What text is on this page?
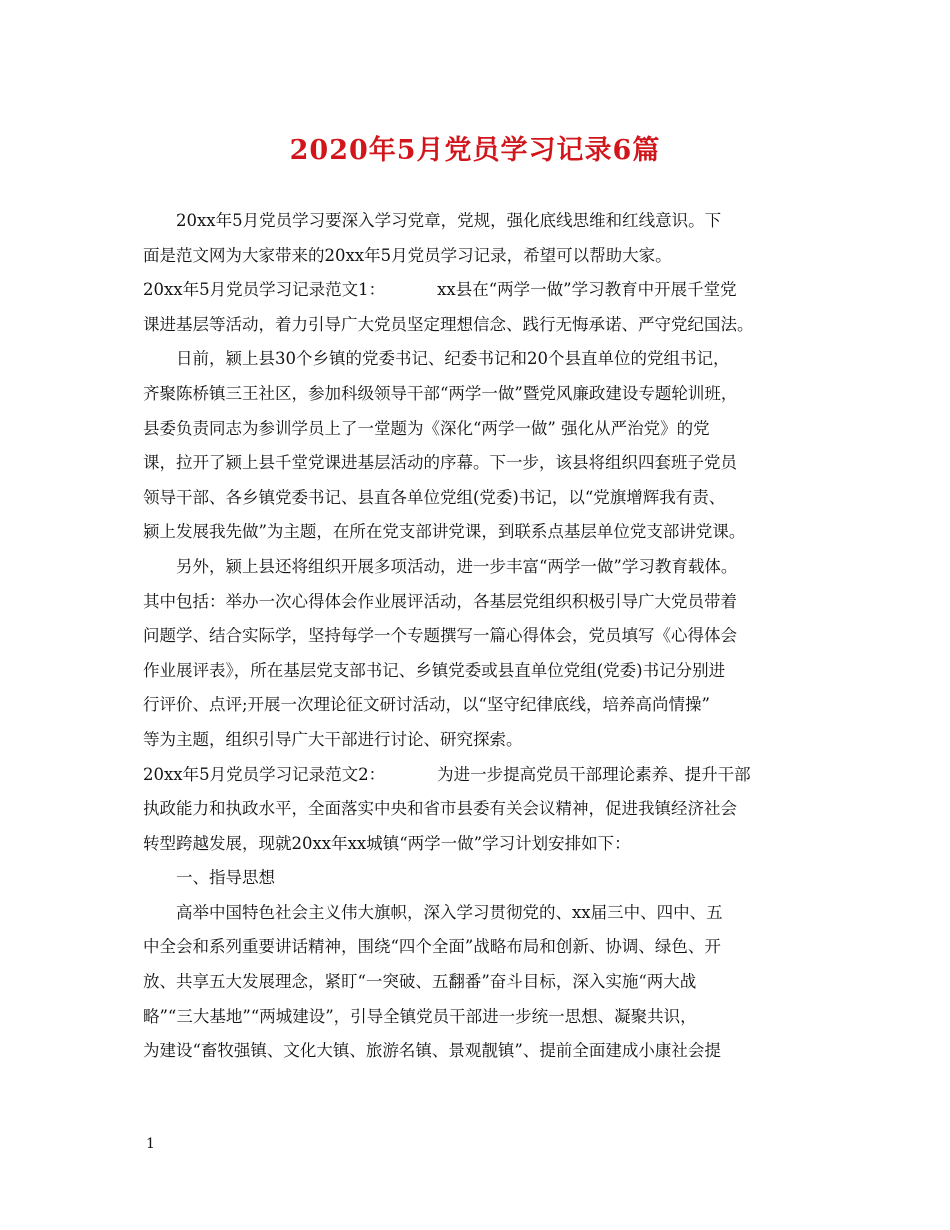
2020年5月党员学习记录6篇
20xx年5月党员学习要深入学习党章，党规，强化底线思维和红线意识。下
面是范文网为大家带来的20xx年5月党员学习记录，希望可以帮助大家。
20xx年5月党员学习记录范文1：	xx县在“两学一做”学习教育中开展千堂党
课进基层等活动，着力引导广大党员坚定理想信念、践行无悔承诺、严守党纪国法。
日前，颍上县30个乡镇的党委书记、纪委书记和20个县直单位的党组书记，
齐聚陈桥镇三王社区，参加科级领导干部“两学一做”暨党风廉政建设专题轮训班，
县委负责同志为参训学员上了一堂题为《深化“两学一做” 强化从严治党》的党
课，拉开了颍上县千堂党课进基层活动的序幕。下一步，该县将组织四套班子党员
领导干部、各乡镇党委书记、县直各单位党组(党委)书记，以“党旗增辉我有责、
颍上发展我先做”为主题，在所在党支部讲党课，到联系点基层单位党支部讲党课。
另外，颍上县还将组织开展多项活动，进一步丰富“两学一做”学习教育载体。
其中包括：举办一次心得体会作业展评活动，各基层党组织积极引导广大党员带着
问题学、结合实际学，坚持每学一个专题撰写一篇心得体会，党员填写《心得体会
作业展评表》，所在基层党支部书记、乡镇党委或县直单位党组(党委)书记分别进
行评价、点评;开展一次理论征文研讨活动，以“坚守纪律底线，培养高尚情操”
等为主题，组织引导广大干部进行讨论、研究探索。
20xx年5月党员学习记录范文2：	为进一步提高党员干部理论素养、提升干部
执政能力和执政水平，全面落实中央和省市县委有关会议精神，促进我镇经济社会
转型跨越发展，现就20xx年xx城镇“两学一做”学习计划安排如下：
一、指导思想
高举中国特色社会主义伟大旗帜，深入学习贯彻党的、xx届三中、四中、五
中全会和系列重要讲话精神，围绕“四个全面”战略布局和创新、协调、绿色、开
放、共享五大发展理念，紧盯“一突破、五翻番”奋斗目标，深入实施“两大战
略”“三大基地”“两城建设”，引导全镇党员干部进一步统一思想、凝聚共识，
为建设“畜牧强镇、文化大镇、旅游名镇、景观靓镇”、提前全面建成小康社会提
1
